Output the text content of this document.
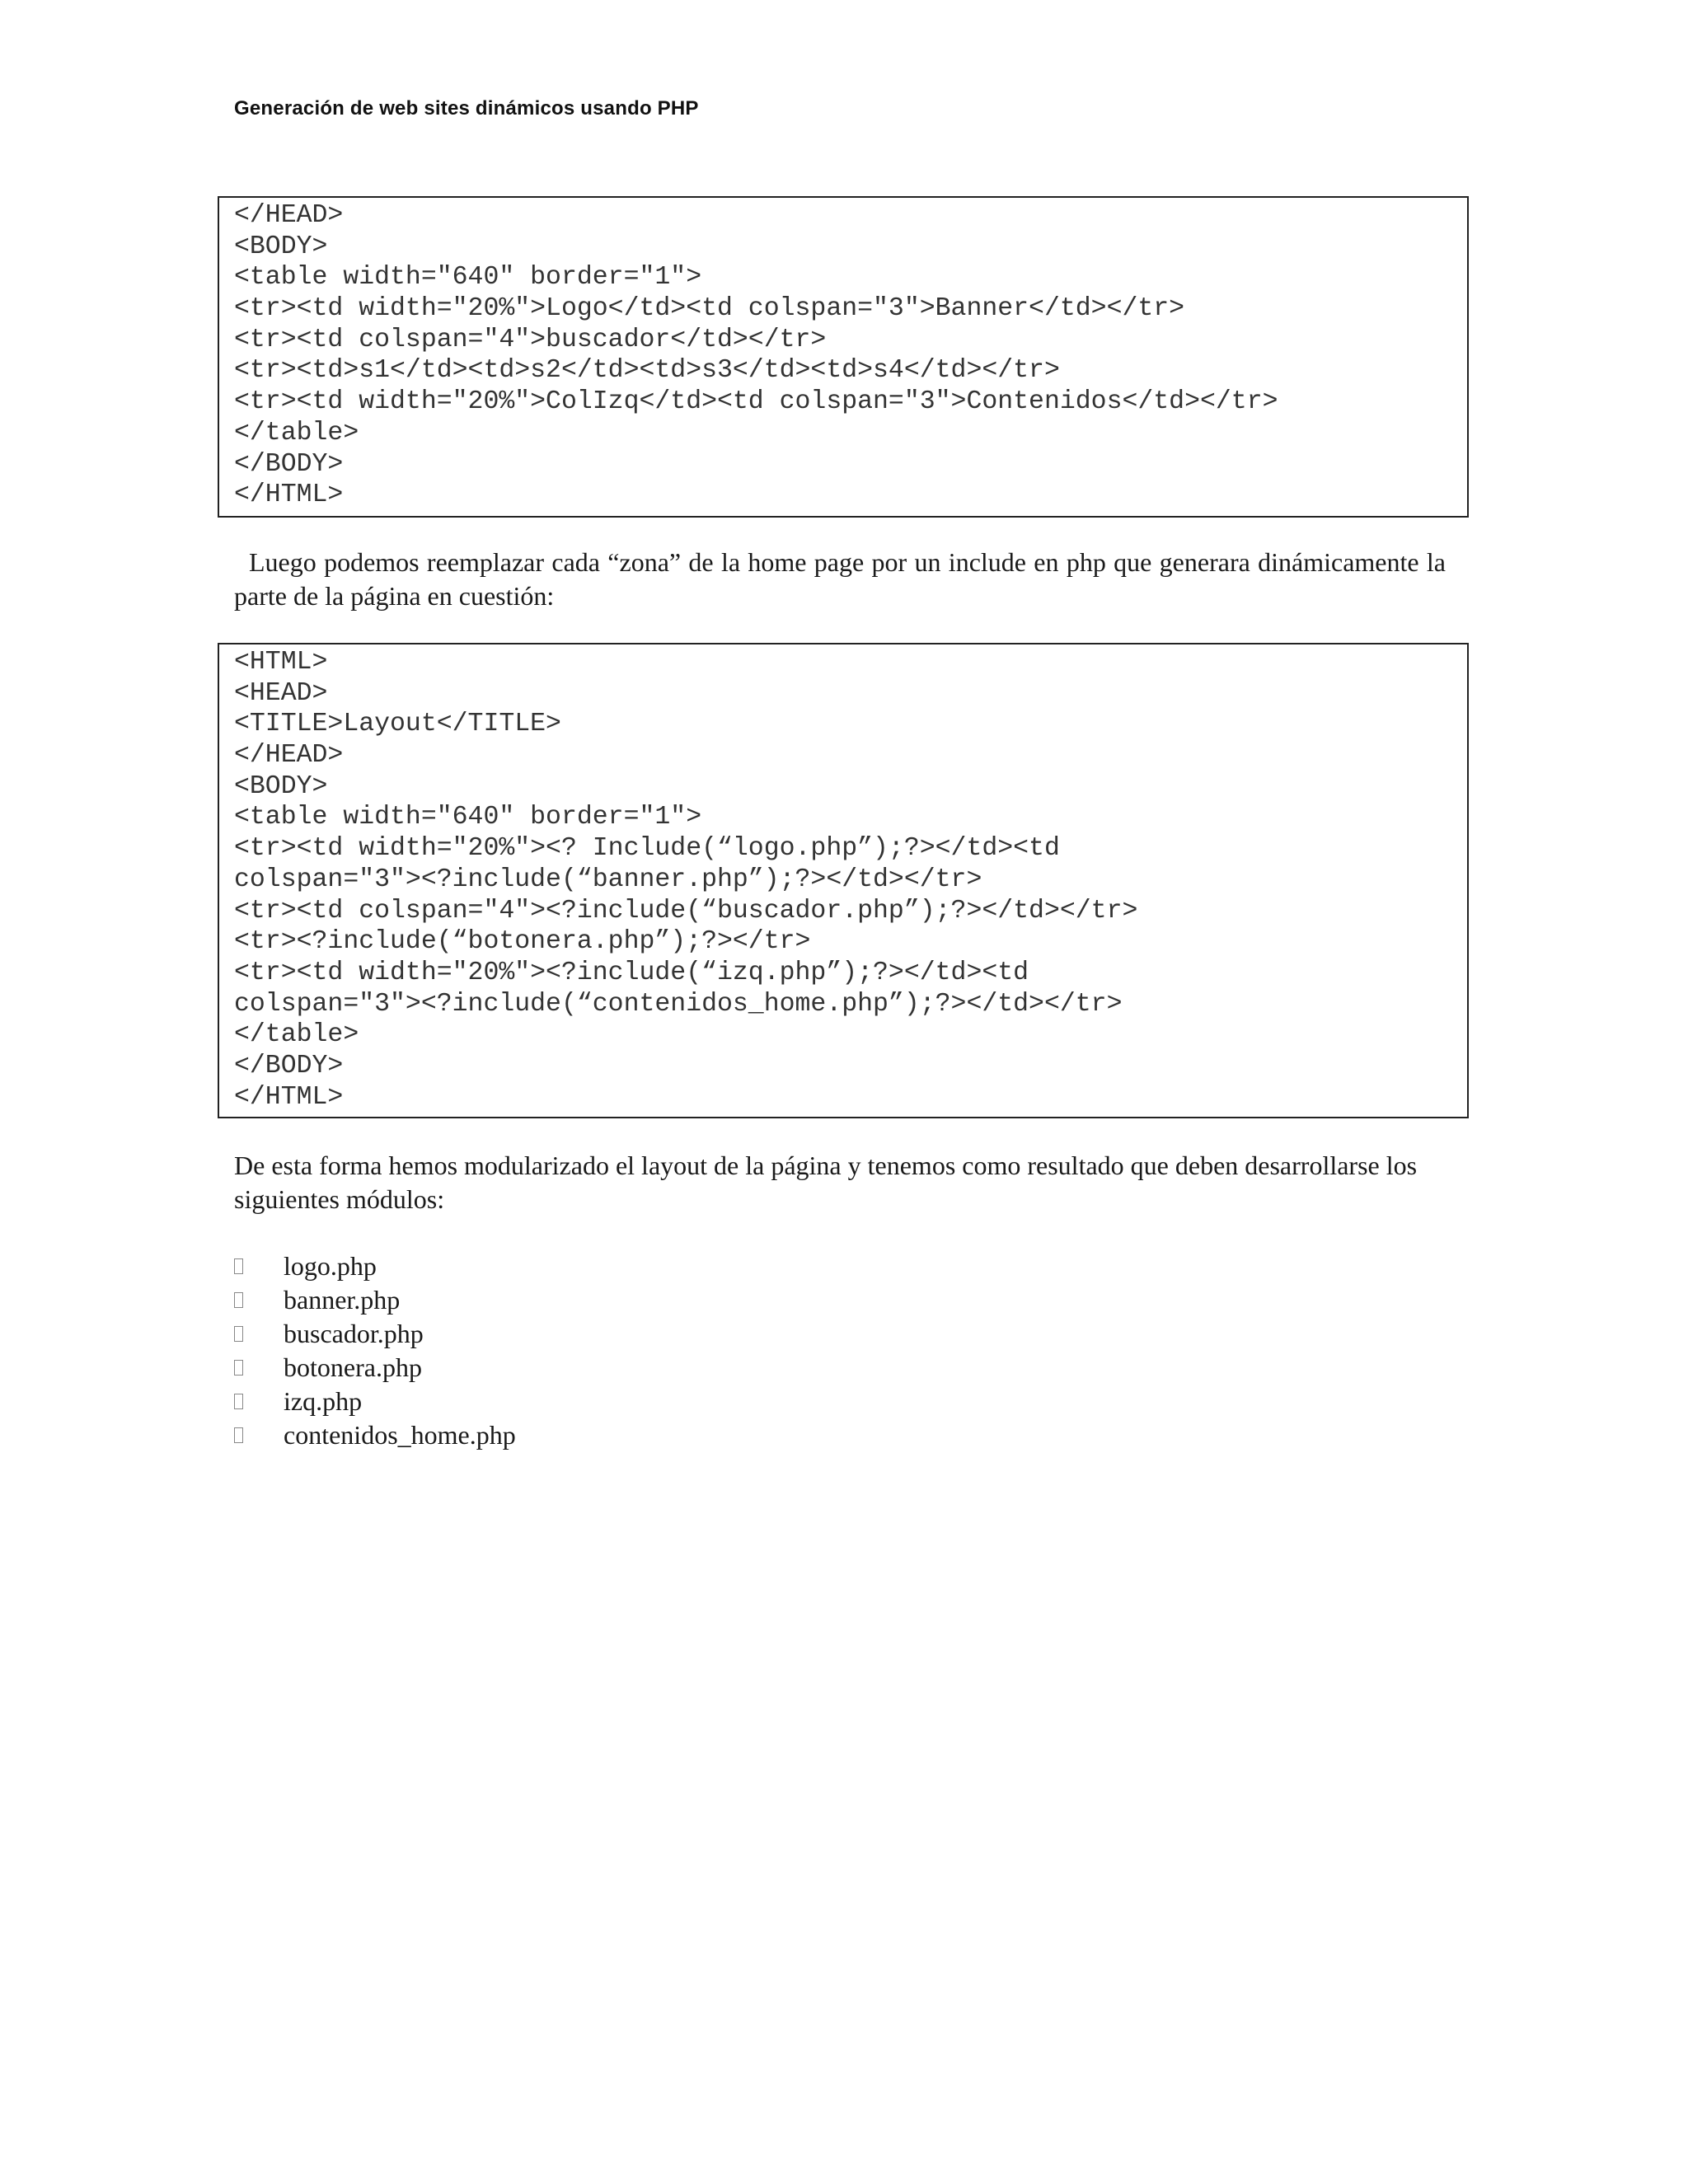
Generación de web sites dinámicos usando PHP
</HEAD>
<BODY>
<table width="640" border="1">
<tr><td width="20%">Logo</td><td colspan="3">Banner</td></tr>
<tr><td colspan="4">buscador</td></tr>
<tr><td>s1</td><td>s2</td><td>s3</td><td>s4</td></tr>
<tr><td width="20%">ColIzq</td><td colspan="3">Contenidos</td></tr>
</table>
</BODY>
</HTML>
Luego podemos reemplazar cada “zona” de la home page por un include en php que generara dinámicamente la parte de la página en cuestión:
<HTML>
<HEAD>
<TITLE>Layout</TITLE>
</HEAD>
<BODY>
<table width="640" border="1">
<tr><td width="20%"><? Include(“logo.php”);?></td><td
colspan="3"><?include(“banner.php”);?></td></tr>
<tr><td colspan="4"><?include(“buscador.php”);?></td></tr>
<tr><?include(“botonera.php”);?></tr>
<tr><td width="20%"><?include(“izq.php”);?></td><td
colspan="3"><?include(“contenidos_home.php”);?></td></tr>
</table>
</BODY>
</HTML>
De esta forma hemos modularizado el layout de la página y tenemos como resultado que deben desarrollarse los siguientes módulos:
logo.php
banner.php
buscador.php
botonera.php
izq.php
contenidos_home.php
